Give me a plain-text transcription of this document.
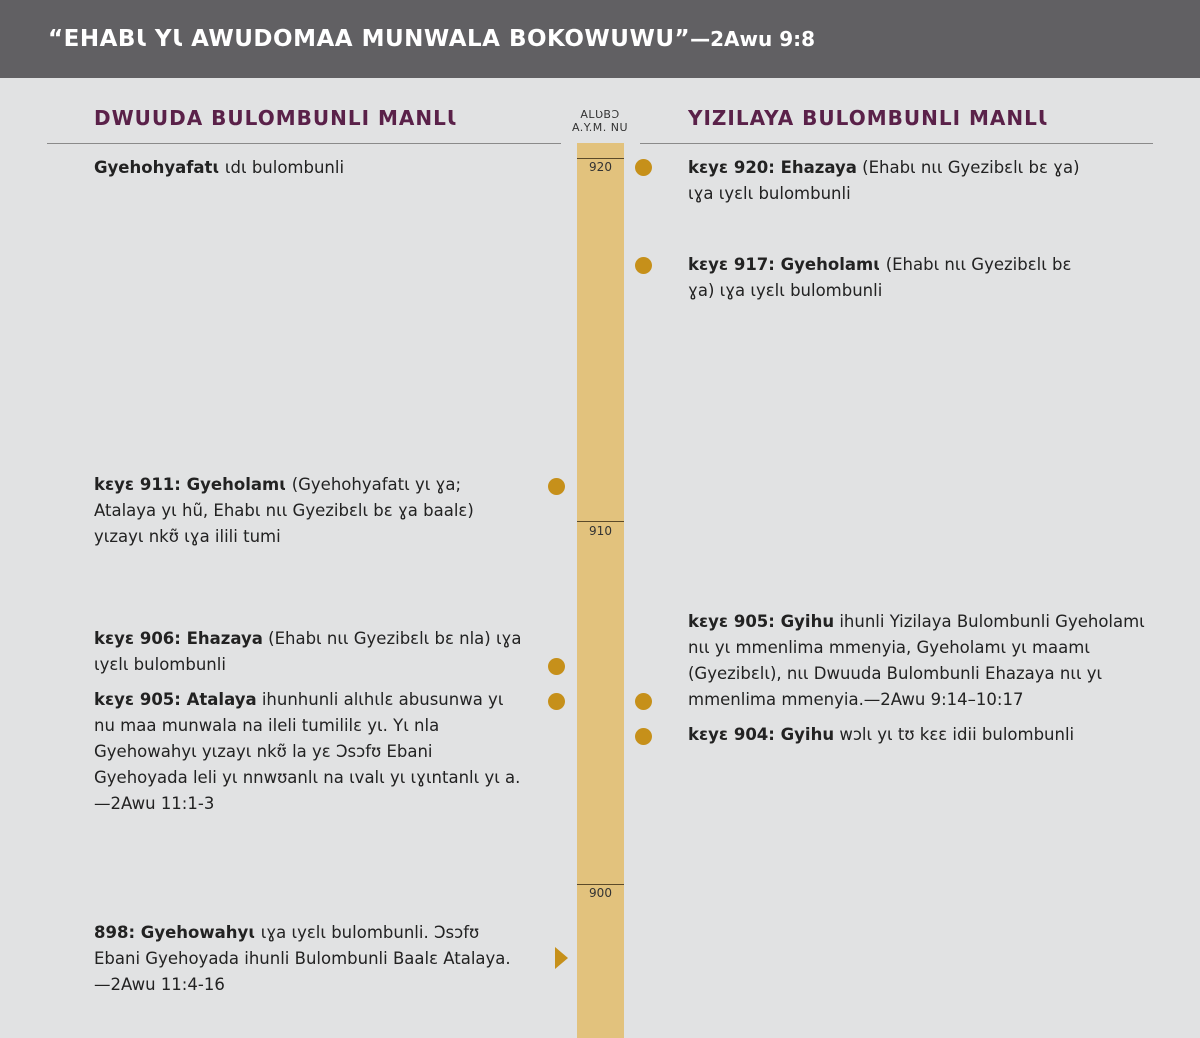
“EHABƖ YƖ AWUDOMAA MUNWALA BOKOWUWU” —2Awu 9:8
DWUUDA BULOMBUNLI MANLƖ	YIZILAYA BULOMBUNLI MANLƖ
ALƲBƆ
A.Y.M. NU
920
910
900
Gyehohyafatɩ ɩdɩ bulombunli
kɛyɛ 911: Gyeholamɩ (Gyehohyafatɩ yɩ ɣa; Atalaya yɩ hũ, Ehabɩ nɩɩ Gyezibɛlɩ bɛ ɣa baalɛ) yɩzayɩ nkʊ̃ ɩɣa ilili tumi
kɛyɛ 906: Ehazaya (Ehabɩ nɩɩ Gyezibɛlɩ bɛ nla) ɩɣa ɩyɛlɩ bulombunli
kɛyɛ 905: Atalaya ihunhunli alɩhɩlɛ abusunwa yɩ nu maa munwala na ileli tumililɛ yɩ. Yɩ nla Gyehowahyɩ yɩzayɩ nkʊ̃ la yɛ Ɔsɔfʊ Ebani Gyehoyada leli yɩ nnwʊanlɩ na ɩvalɩ yɩ ɩɣɩntanlɩ yɩ a.—2Awu 11:1-3
898: Gyehowahyɩ ɩɣa ɩyɛlɩ bulombunli. Ɔsɔfʊ Ebani Gyehoyada ihunli Bulombunli Baalɛ Atalaya.—2Awu 11:4-16
kɛyɛ 920: Ehazaya (Ehabɩ nɩɩ Gyezibɛlɩ bɛ ɣa) ɩɣa ɩyɛlɩ bulombunli
kɛyɛ 917: Gyeholamɩ (Ehabɩ nɩɩ Gyezibɛlɩ bɛ ɣa) ɩɣa ɩyɛlɩ bulombunli
kɛyɛ 905: Gyihu ihunli Yizilaya Bulombunli Gyeholamɩ nɩɩ yɩ mmenlima mmenyia, Gyeholamɩ yɩ maamɩ (Gyezibɛlɩ), nɩɩ Dwuuda Bulombunli Ehazaya nɩɩ yɩ mmenlima mmenyia.—2Awu 9:14–10:17
kɛyɛ 904: Gyihu wɔlɩ yɩ tʊ kɛɛ idii bulombunli
